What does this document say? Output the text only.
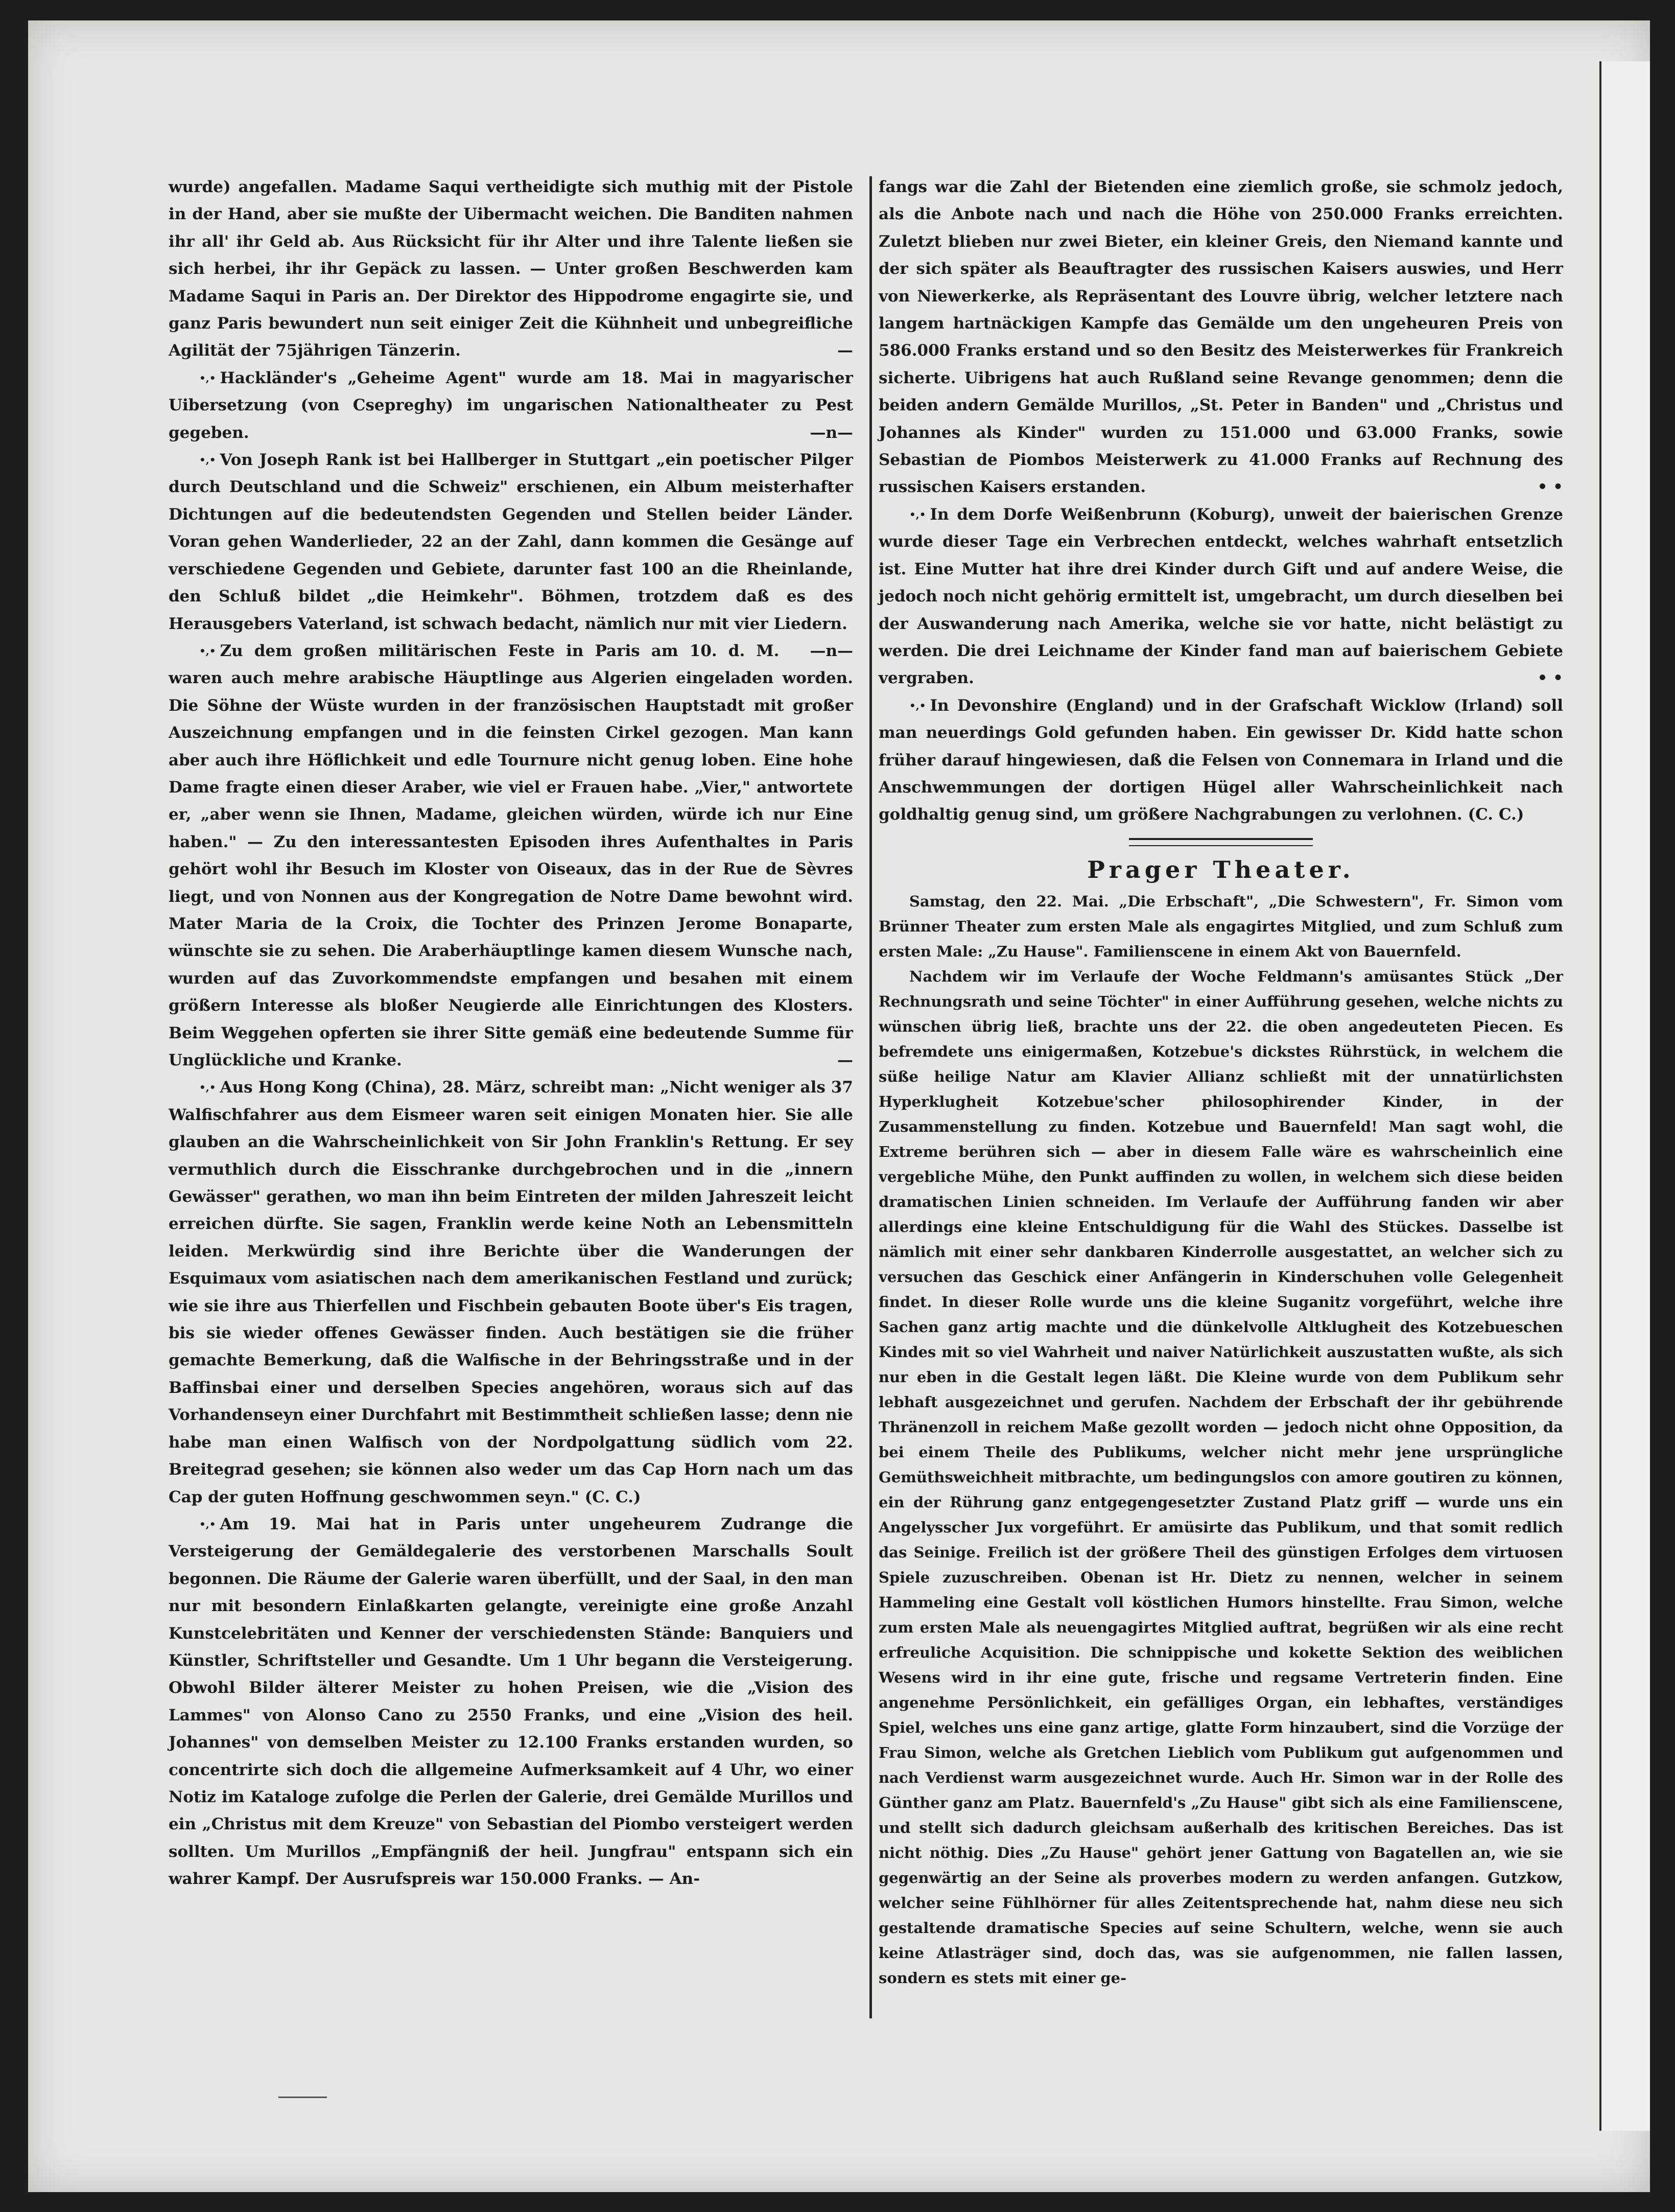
wurde) angefallen. Madame Saqui vertheidigte sich muthig mit der Pistole in der Hand, aber sie mußte der Uibermacht weichen. Die Banditen nahmen ihr all' ihr Geld ab. Aus Rücksicht für ihr Alter und ihre Talente ließen sie sich herbei, ihr ihr Gepäck zu lassen. — Unter großen Beschwerden kam Madame Saqui in Paris an. Der Direktor des Hippodrome engagirte sie, und ganz Paris bewundert nun seit einiger Zeit die Kühnheit und unbegreifliche Agilität der 75jährigen Tänzerin.	—

•,• Hackländer's „Geheime Agent" wurde am 18. Mai in magyarischer Uibersetzung (von Csepreghy) im ungarischen Nationaltheater zu Pest gegeben.	—n—

•,• Von Joseph Rank ist bei Hallberger in Stuttgart „ein poetischer Pilger durch Deutschland und die Schweiz" erschienen, ein Album meisterhafter Dichtungen auf die bedeutendsten Gegenden und Stellen beider Länder. Voran gehen Wanderlieder, 22 an der Zahl, dann kommen die Gesänge auf verschiedene Gegenden und Gebiete, darunter fast 100 an die Rheinlande, den Schluß bildet „die Heimkehr". Böhmen, trotzdem daß es des Herausgebers Vaterland, ist schwach bedacht, nämlich nur mit vier Liedern.
—n—

•,• Zu dem großen militärischen Feste in Paris am 10. d. M. waren auch mehre arabische Häuptlinge aus Algerien eingeladen worden. Die Söhne der Wüste wurden in der französischen Hauptstadt mit großer Auszeichnung empfangen und in die feinsten Cirkel gezogen. Man kann aber auch ihre Höflichkeit und edle Tournure nicht genug loben. Eine hohe Dame fragte einen dieser Araber, wie viel er Frauen habe. „Vier," antwortete er, „aber wenn sie Ihnen, Madame, gleichen würden, würde ich nur Eine haben." — Zu den interessantesten Episoden ihres Aufenthaltes in Paris gehört wohl ihr Besuch im Kloster von Oiseaux, das in der Rue de Sèvres liegt, und von Nonnen aus der Kongregation de Notre Dame bewohnt wird. Mater Maria de la Croix, die Tochter des Prinzen Jerome Bonaparte, wünschte sie zu sehen. Die Araberhäuptlinge kamen diesem Wunsche nach, wurden auf das Zuvorkommendste empfangen und besahen mit einem größern Interesse als bloßer Neugierde alle Einrichtungen des Klosters. Beim Weggehen opferten sie ihrer Sitte gemäß eine bedeutende Summe für Unglückliche und Kranke.	—

•,• Aus Hong Kong (China), 28. März, schreibt man: „Nicht weniger als 37 Walfischfahrer aus dem Eismeer waren seit einigen Monaten hier. Sie alle glauben an die Wahrscheinlichkeit von Sir John Franklin's Rettung. Er sey vermuthlich durch die Eisschranke durchgebrochen und in die „innern Gewässer" gerathen, wo man ihn beim Eintreten der milden Jahreszeit leicht erreichen dürfte. Sie sagen, Franklin werde keine Noth an Lebensmitteln leiden. Merkwürdig sind ihre Berichte über die Wanderungen der Esquimaux vom asiatischen nach dem amerikanischen Festland und zurück; wie sie ihre aus Thierfellen und Fischbein gebauten Boote über's Eis tragen, bis sie wieder offenes Gewässer finden. Auch bestätigen sie die früher gemachte Bemerkung, daß die Walfische in der Behringsstraße und in der Baffinsbai einer und derselben Species angehören, woraus sich auf das Vorhandenseyn einer Durchfahrt mit Bestimmtheit schließen lasse; denn nie habe man einen Walfisch von der Nordpolgattung südlich vom 22. Breitegrad gesehen; sie können also weder um das Cap Horn nach um das Cap der guten Hoffnung geschwommen seyn." (C. C.)

•,• Am 19. Mai hat in Paris unter ungeheurem Zudrange die Versteigerung der Gemäldegalerie des verstorbenen Marschalls Soult begonnen. Die Räume der Galerie waren überfüllt, und der Saal, in den man nur mit besondern Einlaßkarten gelangte, vereinigte eine große Anzahl Kunstcelebritäten und Kenner der verschiedensten Stände: Banquiers und Künstler, Schriftsteller und Gesandte. Um 1 Uhr begann die Versteigerung. Obwohl Bilder älterer Meister zu hohen Preisen, wie die „Vision des Lammes" von Alonso Cano zu 2550 Franks, und eine „Vision des heil. Johannes" von demselben Meister zu 12.100 Franks erstanden wurden, so concentrirte sich doch die allgemeine Aufmerksamkeit auf 4 Uhr, wo einer Notiz im Kataloge zufolge die Perlen der Galerie, drei Gemälde Murillos und ein „Christus mit dem Kreuze" von Sebastian del Piombo versteigert werden sollten. Um Murillos „Empfängniß der heil. Jungfrau" entspann sich ein wahrer Kampf. Der Ausrufspreis war 150.000 Franks. — An-

fangs war die Zahl der Bietenden eine ziemlich große, sie schmolz jedoch, als die Anbote nach und nach die Höhe von 250.000 Franks erreichten. Zuletzt blieben nur zwei Bieter, ein kleiner Greis, den Niemand kannte und der sich später als Beauftragter des russischen Kaisers auswies, und Herr von Niewerkerke, als Repräsentant des Louvre übrig, welcher letztere nach langem hartnäckigen Kampfe das Gemälde um den ungeheuren Preis von 586.000 Franks erstand und so den Besitz des Meisterwerkes für Frankreich sicherte. Uibrigens hat auch Rußland seine Revange genommen; denn die beiden andern Gemälde Murillos, „St. Peter in Banden" und „Christus und Johannes als Kinder" wurden zu 151.000 und 63.000 Franks, sowie Sebastian de Piombos Meisterwerk zu 41.000 Franks auf Rechnung des russischen Kaisers erstanden.	• •

•,• In dem Dorfe Weißenbrunn (Koburg), unweit der baierischen Grenze wurde dieser Tage ein Verbrechen entdeckt, welches wahrhaft entsetzlich ist. Eine Mutter hat ihre drei Kinder durch Gift und auf andere Weise, die jedoch noch nicht gehörig ermittelt ist, umgebracht, um durch dieselben bei der Auswanderung nach Amerika, welche sie vor hatte, nicht belästigt zu werden. Die drei Leichname der Kinder fand man auf baierischem Gebiete vergraben.	• •

•,• In Devonshire (England) und in der Grafschaft Wicklow (Irland) soll man neuerdings Gold gefunden haben. Ein gewisser Dr. Kidd hatte schon früher darauf hingewiesen, daß die Felsen von Connemara in Irland und die Anschwemmungen der dortigen Hügel aller Wahrscheinlichkeit nach goldhaltig genug sind, um größere Nachgrabungen zu verlohnen. (C. C.)

Prager Theater.

Samstag, den 22. Mai. „Die Erbschaft", „Die Schwestern", Fr. Simon vom Brünner Theater zum ersten Male als engagirtes Mitglied, und zum Schluß zum ersten Male: „Zu Hause". Familienscene in einem Akt von Bauernfeld.

Nachdem wir im Verlaufe der Woche Feldmann's amüsantes Stück „Der Rechnungsrath und seine Töchter" in einer Aufführung gesehen, welche nichts zu wünschen übrig ließ, brachte uns der 22. die oben angedeuteten Piecen. Es befremdete uns einigermaßen, Kotzebue's dickstes Rührstück, in welchem die süße heilige Natur am Klavier Allianz schließt mit der unnatürlichsten Hyperklugheit Kotzebue'scher philosophirender Kinder, in der Zusammenstellung zu finden. Kotzebue und Bauernfeld! Man sagt wohl, die Extreme berühren sich — aber in diesem Falle wäre es wahrscheinlich eine vergebliche Mühe, den Punkt auffinden zu wollen, in welchem sich diese beiden dramatischen Linien schneiden. Im Verlaufe der Aufführung fanden wir aber allerdings eine kleine Entschuldigung für die Wahl des Stückes. Dasselbe ist nämlich mit einer sehr dankbaren Kinderrolle ausgestattet, an welcher sich zu versuchen das Geschick einer Anfängerin in Kinderschuhen volle Gelegenheit findet. In dieser Rolle wurde uns die kleine Suganitz vorgeführt, welche ihre Sachen ganz artig machte und die dünkelvolle Altklugheit des Kotzebueschen Kindes mit so viel Wahrheit und naiver Natürlichkeit auszustatten wußte, als sich nur eben in die Gestalt legen läßt. Die Kleine wurde von dem Publikum sehr lebhaft ausgezeichnet und gerufen. Nachdem der Erbschaft der ihr gebührende Thränenzoll in reichem Maße gezollt worden — jedoch nicht ohne Opposition, da bei einem Theile des Publikums, welcher nicht mehr jene ursprüngliche Gemüthsweichheit mitbrachte, um bedingungslos con amore goutiren zu können, ein der Rührung ganz entgegengesetzter Zustand Platz griff — wurde uns ein Angelysscher Jux vorgeführt. Er amüsirte das Publikum, und that somit redlich das Seinige. Freilich ist der größere Theil des günstigen Erfolges dem virtuosen Spiele zuzuschreiben. Obenan ist Hr. Dietz zu nennen, welcher in seinem Hammeling eine Gestalt voll köstlichen Humors hinstellte. Frau Simon, welche zum ersten Male als neuengagirtes Mitglied auftrat, begrüßen wir als eine recht erfreuliche Acquisition. Die schnippische und kokette Sektion des weiblichen Wesens wird in ihr eine gute, frische und regsame Vertreterin finden. Eine angenehme Persönlichkeit, ein gefälliges Organ, ein lebhaftes, verständiges Spiel, welches uns eine ganz artige, glatte Form hinzaubert, sind die Vorzüge der Frau Simon, welche als Gretchen Lieblich vom Publikum gut aufgenommen und nach Verdienst warm ausgezeichnet wurde. Auch Hr. Simon war in der Rolle des Günther ganz am Platz. Bauernfeld's „Zu Hause" gibt sich als eine Familienscene, und stellt sich dadurch gleichsam außerhalb des kritischen Bereiches. Das ist nicht nöthig. Dies „Zu Hause" gehört jener Gattung von Bagatellen an, wie sie gegenwärtig an der Seine als proverbes modern zu werden anfangen. Gutzkow, welcher seine Fühlhörner für alles Zeitentsprechende hat, nahm diese neu sich gestaltende dramatische Species auf seine Schultern, welche, wenn sie auch keine Atlasträger sind, doch das, was sie aufgenommen, nie fallen lassen, sondern es stets mit einer ge-
